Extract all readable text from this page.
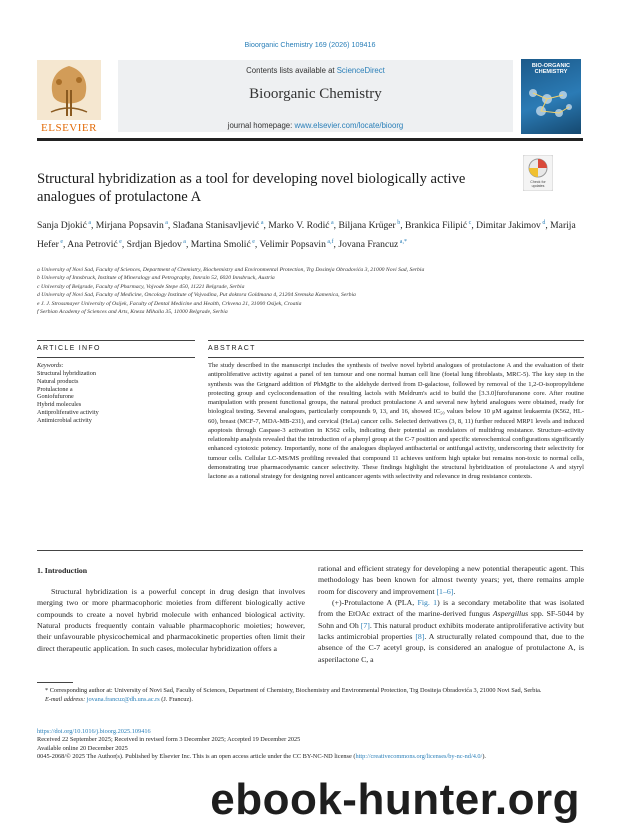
Bioorganic Chemistry 169 (2026) 109416
Contents lists available at ScienceDirect
Bioorganic Chemistry
journal homepage: www.elsevier.com/locate/bioorg
ELSEVIER
BIO-ORGANIC CHEMISTRY
Structural hybridization as a tool for developing novel biologically active analogues of protulactone A
Check for updates
Sanja Djokić $^a$, Mirjana Popsavin $^a$, Slađana Stanisavljević $^a$, Marko V. Rodić $^a$, Biljana Krüger $^b$, Brankica Filipić $^c$, Dimitar Jakimov $^d$, Marija Hefer $^e$, Ana Petrović $^e$, Srdjan Bjedov $^a$, Martina Smolić $^e$, Velimir Popsavin $^{a,f}$, Jovana Francuz $^{a,*}$
a University of Novi Sad, Faculty of Sciences, Department of Chemistry, Biochemistry and Environmental Protection, Trg Dositeja Obradovića 3, 21000 Novi Sad, Serbia
b University of Innsbruck, Institute of Mineralogy and Petrography, Innrain 52, 6020 Innsbruck, Austria
c University of Belgrade, Faculty of Pharmacy, Vojvode Stepe 450, 11221 Belgrade, Serbia
d University of Novi Sad, Faculty of Medicine, Oncology Institute of Vojvodina, Put doktora Goldmana 4, 21204 Sremska Kamenica, Serbia
e J. J. Strossmayer University of Osijek, Faculty of Dental Medicine and Health, Crkvena 21, 31000 Osijek, Croatia
f Serbian Academy of Sciences and Arts, Kneza Mihaila 35, 11000 Belgrade, Serbia
ARTICLE INFO	ABSTRACT
Keywords:
Structural hybridization
Natural products
Protulactone a
Goniofufurone
Hybrid molecules
Antiproliferative activity
Antimicrobial activity
The study described in the manuscript includes the synthesis of twelve novel hybrid analogues of protulactone A and the evaluation of their antiproliferative activity against a panel of ten tumour and one normal human cell line (foetal lung fibroblasts, MRC-5). The key step in the synthesis was the Grignard addition of PhMgBr to the aldehyde derived from D-galactose, followed by removal of the 1,2-O-isopropylidene protecting group and cyclocondensation of the resulting lactols with Meldrum's acid to build the [3.3.0]furofuranone core. After routine manipulation with present functional groups, the natural product protulactone A and several new hybrid analogues were obtained, ready for biological testing. Several analogues, particularly compounds 9, 13, and 16, showed IC₅₀ values below 10 μM against leukaemia (K562, HL-60), breast (MCF-7, MDA-MB-231), and cervical (HeLa) cancer cells. Selected derivatives (3, 8, 11) further reduced MRP1 levels and induced apoptosis through Caspase-3 activation in K562 cells, indicating their potential as modulators of multidrug resistance. Structure–activity relationship analysis revealed that the introduction of a phenyl group at the C-7 position and specific stereochemical configurations significantly enhanced cytotoxic potency. Importantly, none of the analogues displayed antibacterial or antifungal activity, underscoring their selectivity for tumour cells. Cellular LC-MS/MS profiling revealed that compound 11 achieves uniform high uptake but remains non-toxic to normal cells, demonstrating true pharmacodynamic cancer selectivity. These findings highlight the structural hybridization of protulactone A and styryl lactone as a rational strategy for designing novel anticancer agents with selectivity and relevance in drug resistance contexts.
1. Introduction
Structural hybridization is a powerful concept in drug design that involves merging two or more pharmacophoric moieties from different biologically active compounds to create a novel hybrid molecule with enhanced biological activity. Natural products frequently contain valuable pharmacophoric moieties; however, their unfavourable physicochemical and pharmacokinetic properties often limit their direct therapeutic application. In such cases, molecular hybridization offers a
rational and efficient strategy for developing a new potential therapeutic agent. This methodology has been known for almost twenty years; yet, there remains ample room for discovery and improvement [1–6].
(+)-Protulactone A (PLA, Fig. 1) is a secondary metabolite that was isolated from the EtOAc extract of the marine-derived fungus Aspergillus spp. SF-5044 by Sohn and Oh [7]. This natural product exhibits moderate antiproliferative activity but lacks antimicrobial properties [8]. A structurally related compound that, due to the absence of the C-7 acetyl group, is considered an analogue of protulactone A, is asperilactone C, a
* Corresponding author at: University of Novi Sad, Faculty of Sciences, Department of Chemistry, Biochemistry and Environmental Protection, Trg Dositeja Obradovića 3, 21000 Novi Sad, Serbia.
E-mail address: jovana.francuz@dh.uns.ac.rs (J. Francuz).
https://doi.org/10.1016/j.bioorg.2025.109416
Received 22 September 2025; Received in revised form 3 December 2025; Accepted 19 December 2025
Available online 20 December 2025
0045-2068/© 2025 The Author(s). Published by Elsevier Inc. This is an open access article under the CC BY-NC-ND license (http://creativecommons.org/licenses/by-nc-nd/4.0/).
ebook-hunter.org
